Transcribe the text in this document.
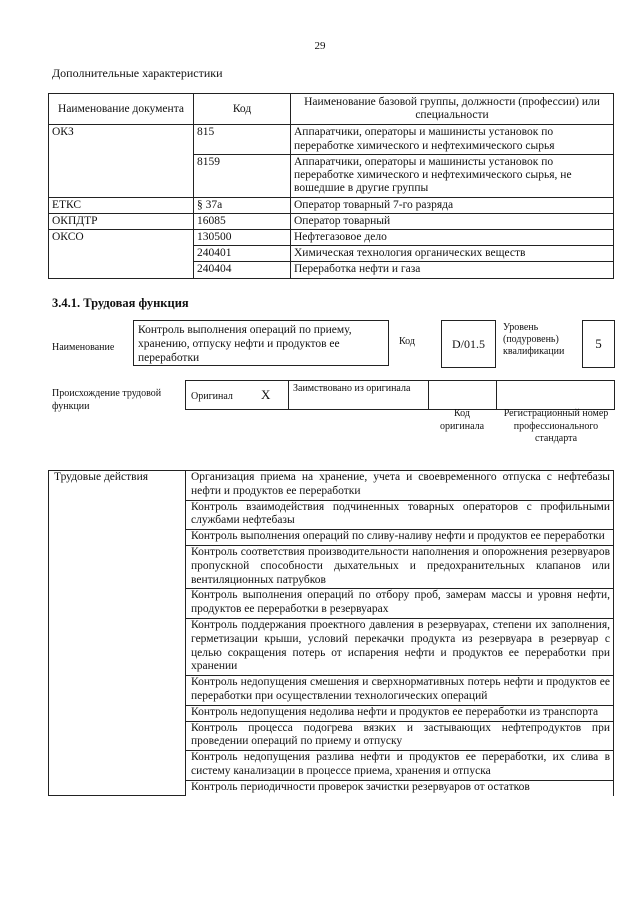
29
Дополнительные характеристики
Наименование документа	Код	Наименование базовой группы, должности (профессии) или специальности
ОКЗ	815	Аппаратчики, операторы и машинисты установок по переработке химического и нефтехимического сырья
	8159	Аппаратчики, операторы и машинисты установок по переработке химического и нефтехимического сырья, не вошедшие в другие группы
ЕТКС	§ 37а	Оператор товарный 7-го разряда
ОКПДТР	16085	Оператор товарный
ОКСО	130500	Нефтегазовое дело
	240401	Химическая технология органических веществ
	240404	Переработка нефти и газа
3.4.1. Трудовая функция
Наименование
Контроль выполнения операций по приему, хранению, отпуску нефти и продуктов ее переработки
Код	D/01.5
Уровень (подуровень) квалификации
5
Происхождение трудовой функции
Оригинал X Заимствовано из оригинала
Код оригинала
Регистрационный номер профессионального стандарта
Трудовые действия	Организация приема на хранение, учета и своевременного отпуска с нефтебазы нефти и продуктов ее переработки
Контроль взаимодействия подчиненных товарных операторов с профильными службами нефтебазы
Контроль выполнения операций по сливу-наливу нефти и продуктов ее переработки
Контроль соответствия производительности наполнения и опорожнения резервуаров пропускной способности дыхательных и предохранительных клапанов или вентиляционных патрубков
Контроль выполнения операций по отбору проб, замерам массы и уровня нефти, продуктов ее переработки в резервуарах
Контроль поддержания проектного давления в резервуарах, степени их заполнения, герметизации крыши, условий перекачки продукта из резервуара в резервуар с целью сокращения потерь от испарения нефти и продуктов ее переработки при хранении
Контроль недопущения смешения и сверхнормативных потерь нефти и продуктов ее переработки при осуществлении технологических операций
Контроль недопущения недолива нефти и продуктов ее переработки из транспорта
Контроль процесса подогрева вязких и застывающих нефтепродуктов при проведении операций по приему и отпуску
Контроль недопущения разлива нефти и продуктов ее переработки, их слива в систему канализации в процессе приема, хранения и отпуска
Контроль периодичности проверок зачистки резервуаров от остатков
